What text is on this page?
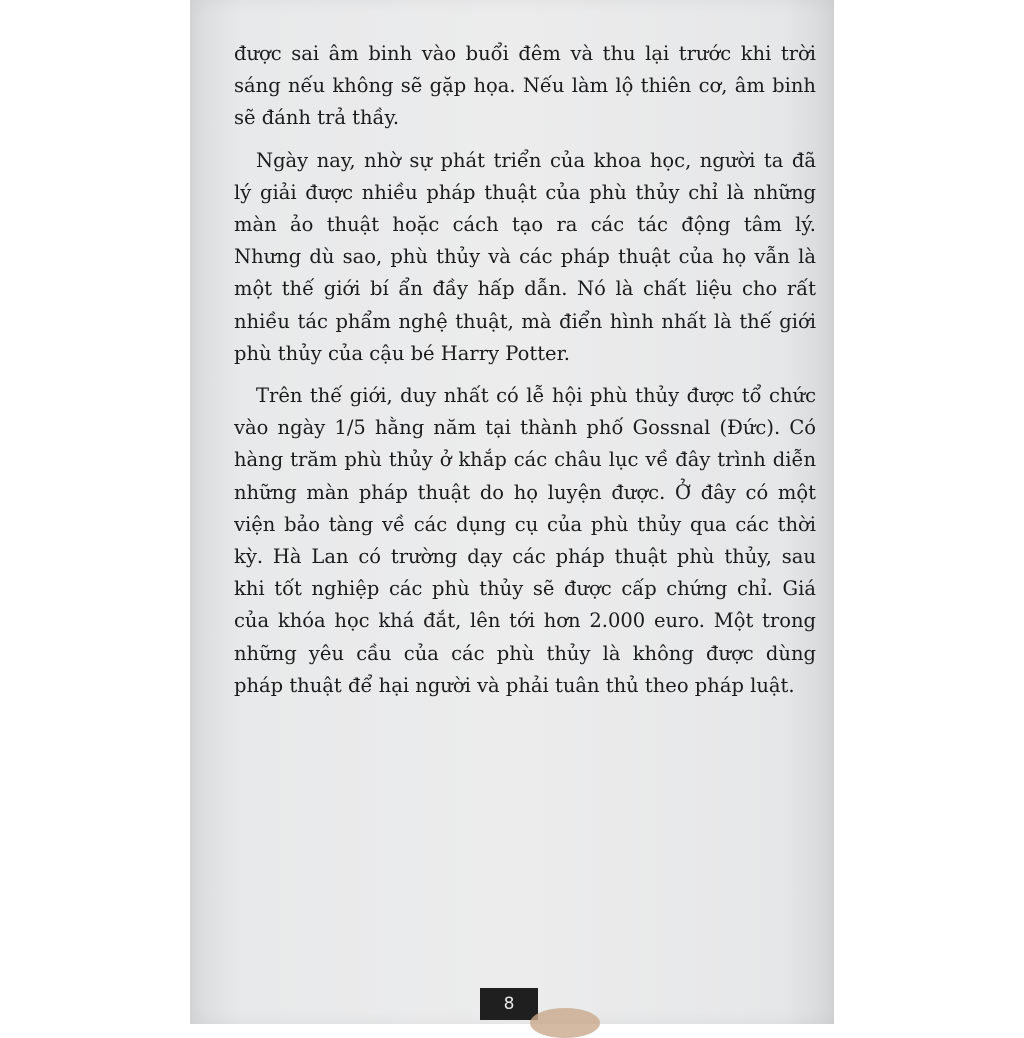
được sai âm binh vào buổi đêm và thu lại trước khi trời
sáng nếu không sẽ gặp họa. Nếu làm lộ thiên cơ, âm binh
sẽ đánh trả thầy.
Ngày nay, nhờ sự phát triển của khoa học, người ta đã
lý giải được nhiều pháp thuật của phù thủy chỉ là những
màn ảo thuật hoặc cách tạo ra các tác động tâm lý.
Nhưng dù sao, phù thủy và các pháp thuật của họ vẫn là
một thế giới bí ẩn đầy hấp dẫn. Nó là chất liệu cho rất
nhiều tác phẩm nghệ thuật, mà điển hình nhất là thế giới
phù thủy của cậu bé Harry Potter.
Trên thế giới, duy nhất có lễ hội phù thủy được tổ chức
vào ngày 1/5 hằng năm tại thành phố Gossnal (Đức). Có
hàng trăm phù thủy ở khắp các châu lục về đây trình diễn
những màn pháp thuật do họ luyện được. Ở đây có một
viện bảo tàng về các dụng cụ của phù thủy qua các thời
kỳ. Hà Lan có trường dạy các pháp thuật phù thủy, sau
khi tốt nghiệp các phù thủy sẽ được cấp chứng chỉ. Giá
của khóa học khá đắt, lên tới hơn 2.000 euro. Một trong
những yêu cầu của các phù thủy là không được dùng
pháp thuật để hại người và phải tuân thủ theo pháp luật.
8
